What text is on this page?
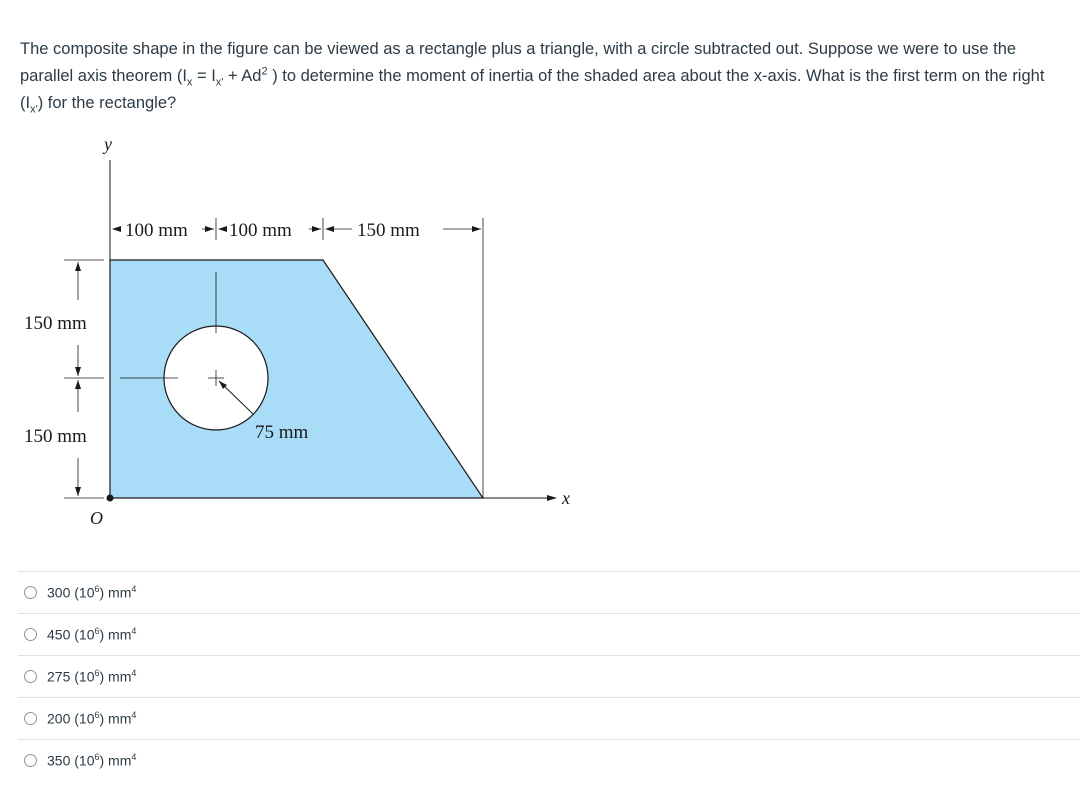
The composite shape in the figure can be viewed as a rectangle plus a triangle, with a circle subtracted out. Suppose we were to use the parallel axis theorem ($I_x = I_{x'} + Ad^2$ ) to determine the moment of inertia of the shaded area about the x-axis. What is the first term on the right $(I_{x'})$ for the rectangle?
y
x
O
100 mm 100 mm	150 mm
150 mm
150 mm	75 mm
300 $(10^6)$ $mm^4$
450 $(10^6)$ $mm^4$
275 $(10^6)$ $mm^4$
200 $(10^6)$ $mm^4$
350 $(10^6)$ $mm^4$
